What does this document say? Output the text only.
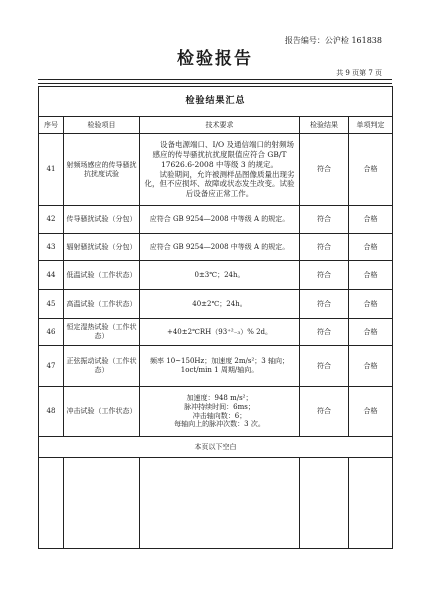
报告编号：公沪检 161838
检验报告
共 9 页第 7 页
检验结果汇总				
序号	检验项目	技术要求	检验结果	单项判定
41	射频场感应的传导骚扰抗扰度试验	设备电源端口、I/O 及通信端口的射频场感应的传导骚扰抗扰度限值应符合 GB/T 17626.6-2008 中等级 3 的规定。

试验期间，允许被测样品图像质量出现劣化，但不应损坏、故障或状态发生改变。试验后设备应正常工作。	符合	合格
42	传导骚扰试验（分包）	应符合 GB 9254—2008 中等级 A 的规定。	符合	合格
43	辐射骚扰试验（分包）	应符合 GB 9254—2008 中等级 A 的规定。	符合	合格
44	低温试验（工作状态）	0±3℃；24h。	符合	合格
45	高温试验（工作状态）	40±2℃；24h。	符合	合格
46	恒定湿热试验（工作状态）	+40±2℃RH（93⁺²₋₃）% 2d。	符合	合格
47	正弦振动试验（工作状态）	频率 10~150Hz；加速度 2m/s²；3 轴向；1oct/min 1 周期/轴向。	符合	合格
48	冲击试验（工作状态）	加速度：948 m/s²；

脉冲持续时间：6ms；

冲击轴向数：6；

每轴向上的脉冲次数：3 次。	符合	合格
本页以下空白				
